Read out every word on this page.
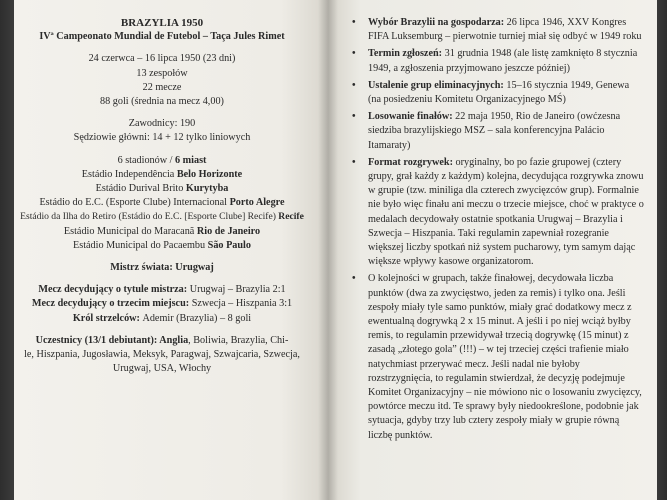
BRAZYLIA 1950

IVª Campeonato Mundial de Futebol – Taça Jules Rimet

24 czerwca – 16 lipca 1950 (23 dni)

13 zespołów

22 mecze

88 goli (średnia na mecz 4,00)

Zawodnicy: 190

Sędziowie główni: 14 + 12 tylko liniowych

6 stadionów / 6 miast

Estádio Independência Belo Horizonte

Estádio Durival Brito Kurytyba

Estádio do E.C. (Esporte Clube) Internacional Porto Alegre

Estádio da Ilha do Retiro (Estádio do E.C. [Esporte Clube] Recife) Recife

Estádio Municipal do Maracanã Rio de Janeiro

Estádio Municipal do Pacaembu São Paulo

Mistrz świata: Urugwaj

Mecz decydujący o tytule mistrza: Urugwaj – Brazylia 2:1

Mecz decydujący o trzecim miejscu: Szwecja – Hiszpania 3:1

Król strzelców: Ademir (Brazylia) – 8 goli

Uczestnicy (13/1 debiutant): Anglia, Boliwia, Brazylia, Chi-

le, Hiszpania, Jugosławia, Meksyk, Paragwaj, Szwajcaria, Szwecja,

Urugwaj, USA, Włochy

• Wybór Brazylii na gospodarza: 26 lipca 1946, XXV Kongres FIFA Luksemburg – pierwotnie turniej miał się odbyć w 1949 roku
• Termin zgłoszeń: 31 grudnia 1948 (ale listę zamknięto 8 stycznia 1949, a zgłoszenia przyjmowano jeszcze później)
• Ustalenie grup eliminacyjnych: 15–16 stycznia 1949, Genewa (na posiedzeniu Komitetu Organizacyjnego MŚ)
• Losowanie finałów: 22 maja 1950, Rio de Janeiro (owćzesna siedziba brazylijskiego MSZ – sala konferencyjna Palácio Itamaraty)
• Format rozgrywek: oryginalny, bo po fazie grupowej (cztery grupy, grał każdy z każdym) kolejna, decydująca rozgrywka znowu w grupie (tzw. miniliga dla czterech zwycięzców grup). Formalnie nie było więc finału ani meczu o trzecie miejsce, choć w praktyce o medalach decydowały ostatnie spotkania Urugwaj – Brazylia i Szwecja – Hiszpania. Taki regulamin zapewniał rozegranie większej liczby spotkań niż system pucharowy, tym samym dając większe wpływy kasowe organizatorom.
• O kolejności w grupach, także finałowej, decydowała liczba punktów (dwa za zwycięstwo, jeden za remis) i tylko ona. Jeśli zespoły miały tyle samo punktów, miały grać dodatkowy mecz z ewentualną dogrywką 2 x 15 minut. A jeśli i po niej wciąż byłby remis, to regulamin przewidywał trzecią dogrywkę (15 minut) z zasadą „złotego gola” (!!!) – w tej trzeciej części trafienie miało natychmiast przerywać mecz. Jeśli nadal nie byłoby rozstrzygnięcia, to regulamin stwierdzał, że decyzję podejmuje Komitet Organizacyjny – nie mówiono nic o losowaniu zwycięzcy, powtórce meczu itd. Te sprawy były niedookreślone, podobnie jak sytuacja, gdyby trzy lub cztery zespoły miały w grupie równą liczbę punktów.
